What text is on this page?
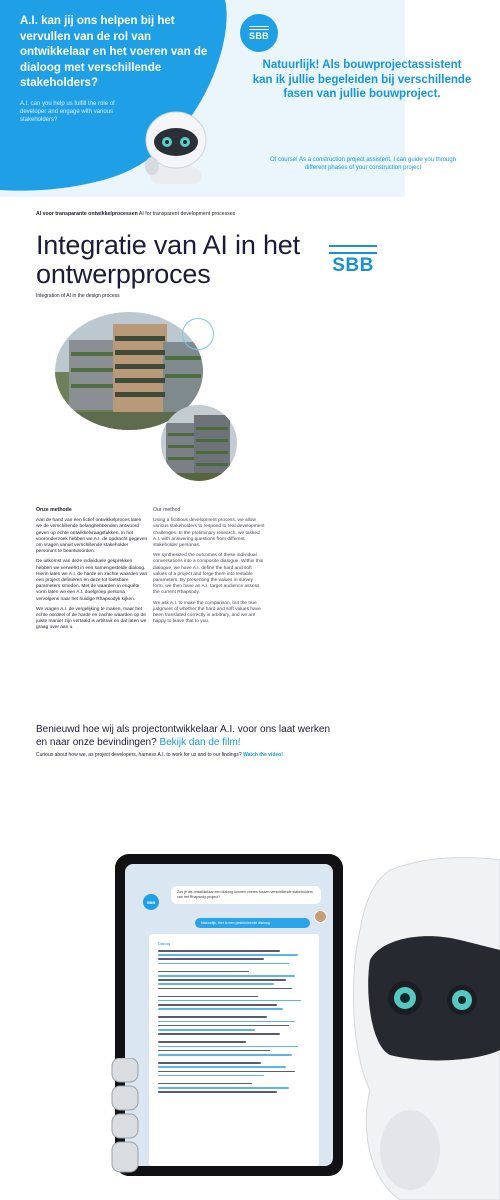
A.I. kan jij ons helpen bij het vervullen van de rol van ontwikkelaar en het voeren van de dialoog met verschillende stakeholders?
A.I. can you help us fulfill the role of developer and engage with various stakeholders?
SBB
Natuurlijk! Als bouwprojectassistent kan ik jullie begeleiden bij verschillende fasen van jullie bouwproject.
Of course! As a construction project assistent, I can guide you through different phases of your construction project
AI voor transparante ontwikkelprocessen AI for transparent development processes
Integratie van AI in het ontwerpproces
Integration of AI in the design process
SBB
Onze methode

Aan de hand van een fictief ontwikkelproces laten we de verschillende belanghebbenden antwoord geven op echte ontwikkelvraagstukken. In het vooronderzoek hebben we A.I. de opdracht gegeven om vragen vanuit verschillende stakeholder persona's te beantwoorden.

De uitkomst van deze individuele gesprekken hebben we verwerkt in een samengestelde dialoog. Hierin laten we A.I. de harde en zachte waarden van een project definiëren en deze tot toetsbare parameters smeden. Met de waarden in enquête vorm laten we een A.I. doelgroep persona vervolgens naar het huidige Rhapsodyk kijken.

We vragen A.I. de vergelijking te maken, maar het echte oordeel of de harde en zachte waarden op de juiste manier zijn vertaald is arbitrair en dat laten we graag over aan u.

Our method

Using a fictitious development process, we allow various stakeholders to respond to real development challenges. In the preliminary research, we tasked A.I. with answering questions from different stakeholder personas.

We synthesized the outcomes of these individual conversations into a composite dialogue. Within this dialogue, we have A.I. define the hard and soft values of a project and forge them into testable parameters. By presenting the values in survey form, we then have an A.I. target audience assess the current Rhapsody.

We ask A.I. to make the comparison, but the true judgment of whether the hard and soft values have been translated correctly is arbitrary, and we are happy to leave that to you.

Benieuwd hoe wij als projectontwikkelaar A.I. voor ons laat werken en naar onze bevindingen? Bekijk dan de film!
Curious about how we, as project developers, harness A.I. to work for us and to our findings? Watch the video!
SBB
Zou je als ontwikkelaar een dialoog kunnen voeren tussen verschillende stakeholders van het Rhapsody-project?
Natuurlijk, hier is een gesimuleerde dialoog
Dialoog
